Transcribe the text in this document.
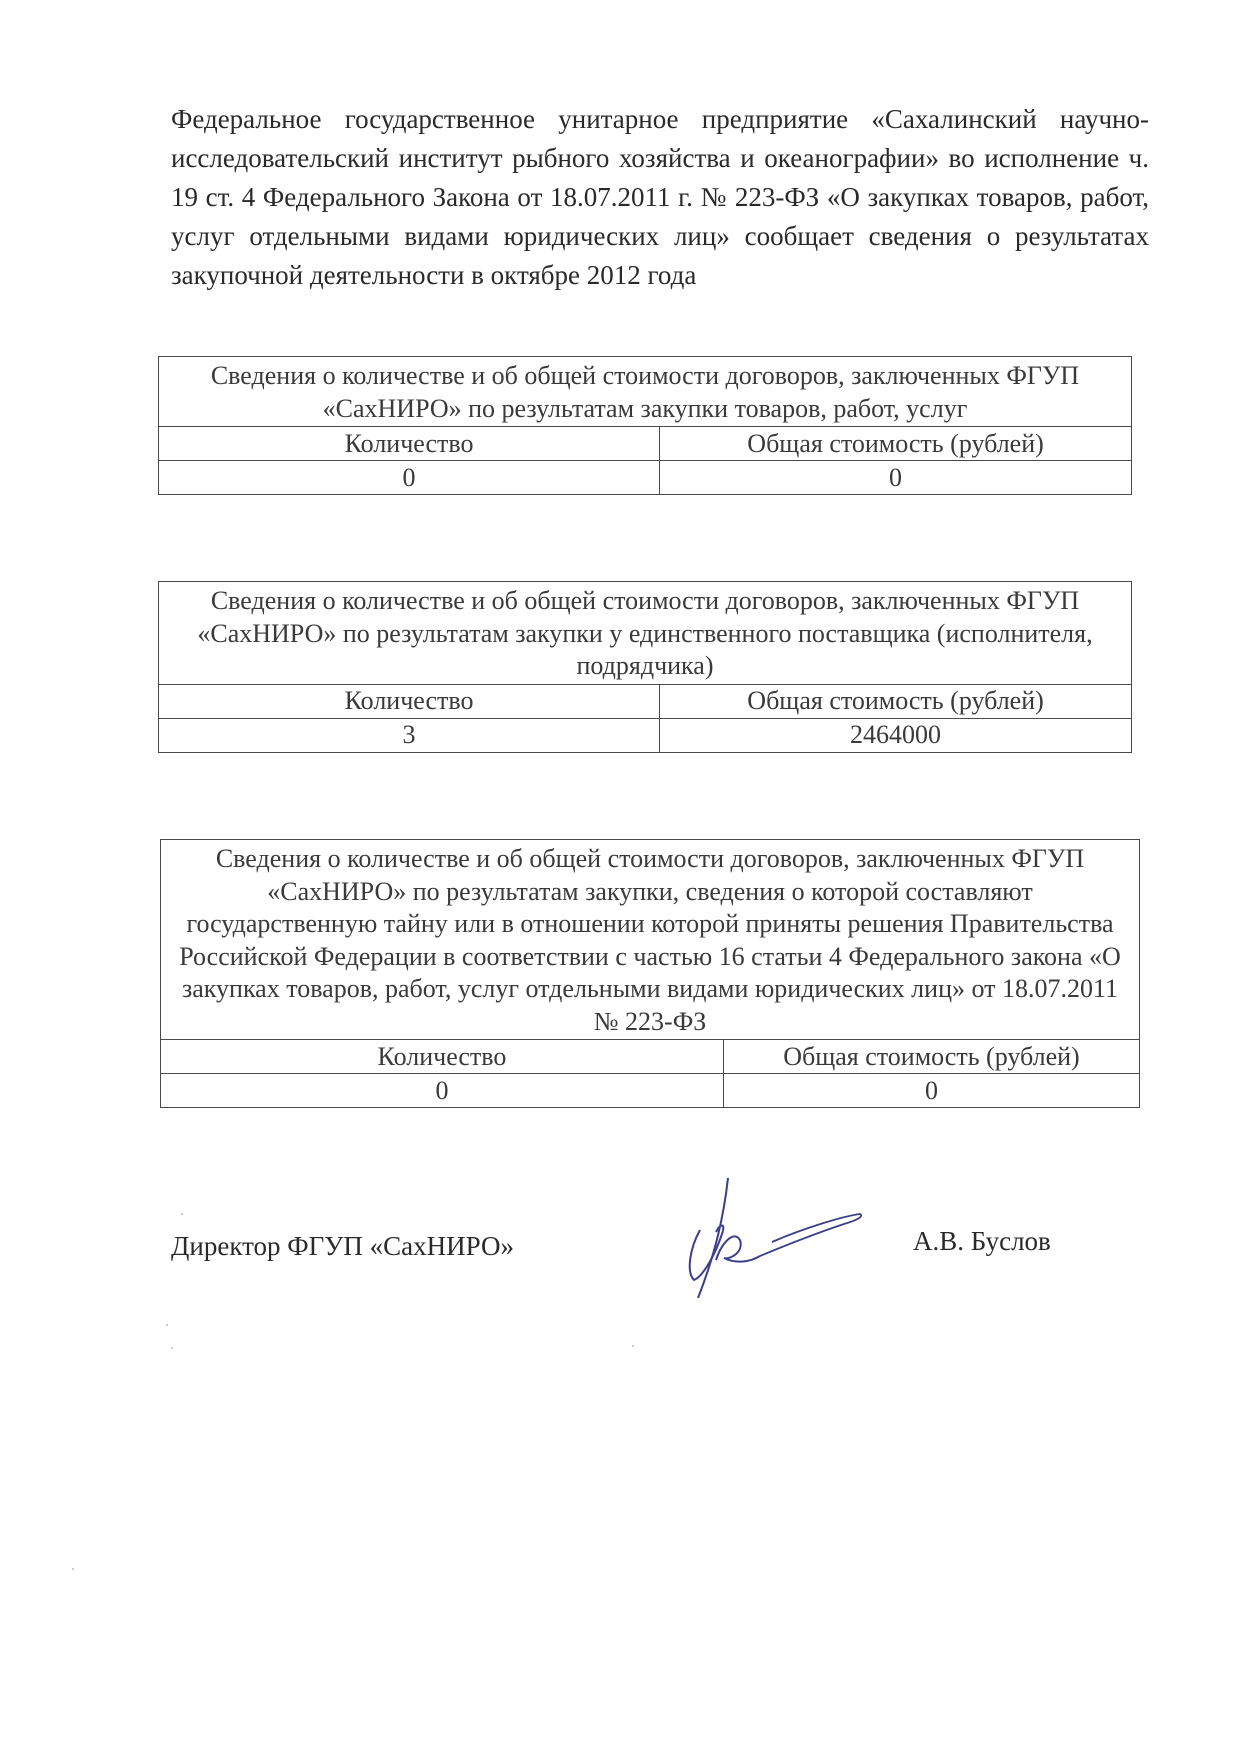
Федеральное государственное унитарное предприятие «Сахалинский научно-исследовательский институт рыбного хозяйства и океанографии» во исполнение ч. 19 ст. 4 Федерального Закона от 18.07.2011 г. № 223-ФЗ «О закупках товаров, работ, услуг отдельными видами юридических лиц» сообщает сведения о результатах закупочной деятельности в октябре 2012 года

Сведения о количестве и об общей стоимости договоров, заключенных ФГУП «СахНИРО» по результатам закупки товаров, работ, услуг	
Количество	Общая стоимость (рублей)
0	0
Сведения о количестве и об общей стоимости договоров, заключенных ФГУП «СахНИРО» по результатам закупки у единственного поставщика (исполнителя, подрядчика)	
Количество	Общая стоимость (рублей)
3	2464000
Сведения о количестве и об общей стоимости договоров, заключенных ФГУП «СахНИРО» по результатам закупки, сведения о которой составляют государственную тайну или в отношении которой приняты решения Правительства Российской Федерации в соответствии с частью 16 статьи 4 Федерального закона «О закупках товаров, работ, услуг отдельными видами юридических лиц» от 18.07.2011 № 223-ФЗ	
Количество	Общая стоимость (рублей)
0	0

Директор ФГУП «СахНИРО»	А.В. Буслов
